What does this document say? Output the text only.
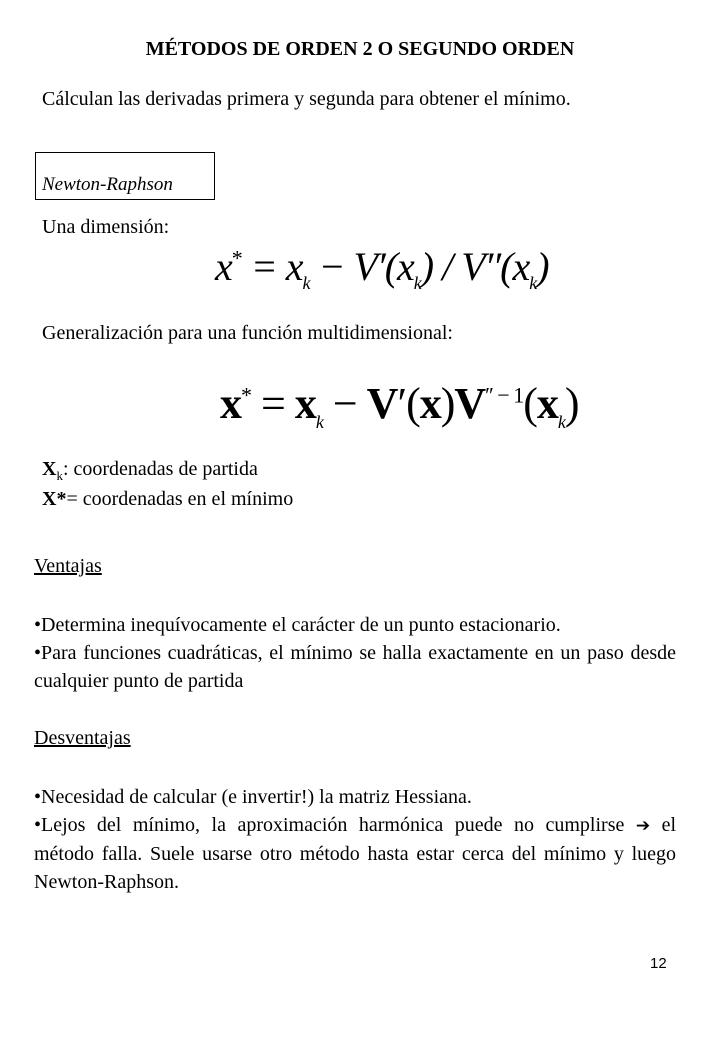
MÉTODOS DE ORDEN 2 O SEGUNDO ORDEN
Cálculan las derivadas primera y segunda para obtener el mínimo.
Newton-Raphson
Una dimensión:
$x^* = x_k - V'(x_k) / V''(x_k)$
Generalización para una función multidimensional:
$x^* = x_k - V'(x)V^{'' - 1}(x_k)$
$X_k$: coordenadas de partida
X*= coordenadas en el mínimo
Ventajas
•Determina inequívocamente el carácter de un punto estacionario.
•Para funciones cuadráticas, el mínimo se halla exactamente en un paso desde cualquier punto de partida
Desventajas
•Necesidad de calcular (e invertir!) la matriz Hessiana.
•Lejos del mínimo, la aproximación harmónica puede no cumplirse ➔ el método falla. Suele usarse otro método hasta estar cerca del mínimo y luego Newton-Raphson.
12
